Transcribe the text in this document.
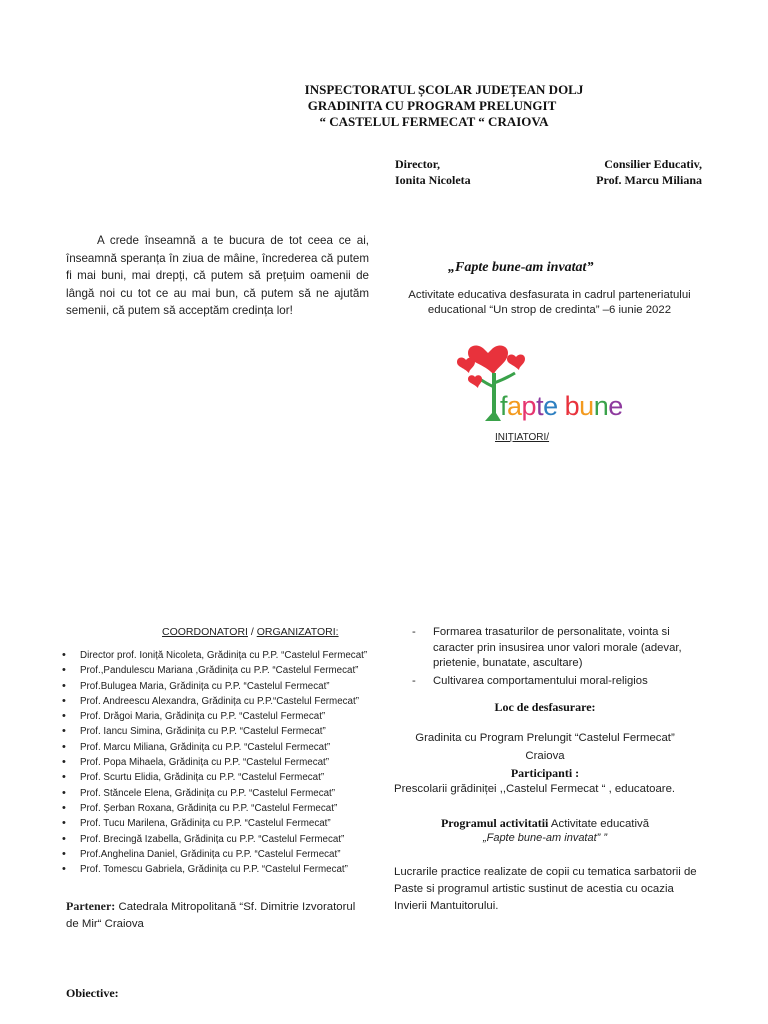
INSPECTORATUL ȘCOLAR JUDEȚEAN DOLJ
GRADINITA CU PROGRAM PRELUNGIT
“ CASTELUL FERMECAT “ CRAIOVA
Director,
Ionita Nicoleta
Consilier Educativ,
Prof. Marcu Miliana
A crede înseamnă a te bucura de tot ceea ce ai, înseamnă speranța în ziua de mâine, încrederea că putem fi mai buni, mai drepți, că putem să prețuim oamenii de lângă noi cu tot ce au mai bun, că putem să ne ajutăm semenii, că putem să acceptăm credința lor!
„Fapte bune-am invatat”
Activitate educativa desfasurata in cadrul parteneriatului educational “Un strop de credinta” –6 iunie 2022
fapte bune
INIȚIATORI/
COORDONATORI / ORGANIZATORI:
• Director prof. Ioniță Nicoleta, Grădinița cu P.P. “Castelul Fermecat”
• Prof.,Pandulescu Mariana ,Grădinița cu P.P. “Castelul Fermecat”
• Prof.Bulugea Maria, Grădinița cu P.P. “Castelul Fermecat”
• Prof. Andreescu Alexandra, Grădinița cu P.P.“Castelul Fermecat”
• Prof. Drăgoi Maria, Grădinița cu P.P. “Castelul Fermecat”
• Prof. Iancu Simina, Grădinița cu P.P. “Castelul Fermecat”
• Prof. Marcu Miliana, Grădinița cu P.P. “Castelul Fermecat”
• Prof. Popa Mihaela, Grădinița cu P.P. “Castelul Fermecat”
• Prof. Scurtu Elidia, Grădinița cu P.P. “Castelul Fermecat”
• Prof. Stăncele Elena, Grădinița cu P.P. “Castelul Fermecat”
• Prof. Șerban Roxana, Grădinița cu P.P. “Castelul Fermecat”
• Prof. Tucu Marilena, Grădinița cu P.P. “Castelul Fermecat”
• Prof. Brecingă Izabella, Grădinița cu P.P. “Castelul Fermecat”
• Prof.Anghelina Daniel, Grădinița cu P.P. “Castelul Fermecat”
• Prof. Tomescu Gabriela, Grădinița cu P.P. “Castelul Fermecat”
Partener: Catedrala Mitropolitană “Sf. Dimitrie Izvoratorul de Mir“ Craiova
Obiective:
- Formarea trasaturilor de personalitate, vointa si caracter prin insusirea unor valori morale (adevar, prietenie, bunatate, ascultare)
- Cultivarea comportamentului moral-religios
Loc de desfasurare:
Gradinita cu Program Prelungit “Castelul Fermecat”
Craiova
Participanti :
Prescolarii grădiniței ,,Castelul Fermecat “ , educatoare.
Programul activitatii Activitate educativă
„Fapte bune-am invatat” ”
Lucrarile practice realizate de copii cu tematica sarbatorii de Paste si programul artistic sustinut de acestia cu ocazia Invierii Mantuitorului.
